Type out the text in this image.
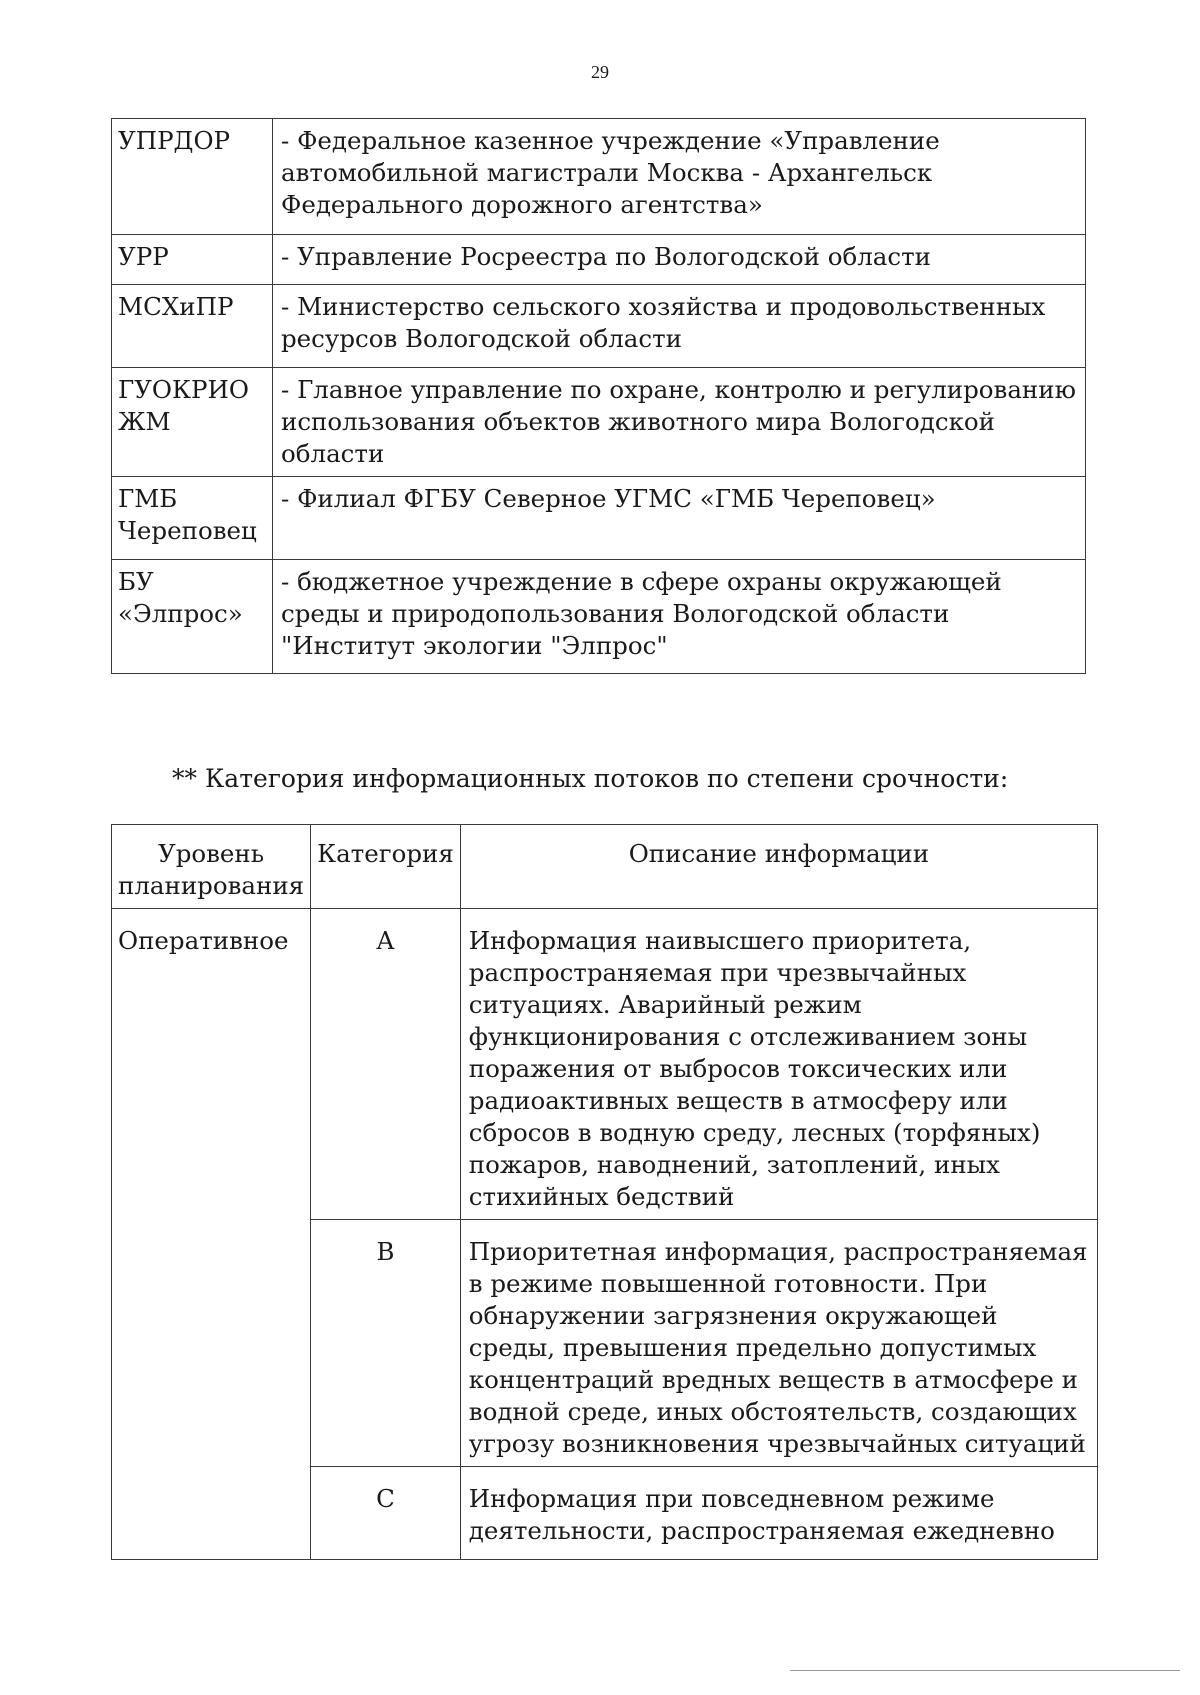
29
УПРДОР	- Федеральное казенное учреждение «Управление автомобильной магистрали Москва - Архангельск Федерального дорожного агентства»
УРР	- Управление Росреестра по Вологодской области
МСХиПР	- Министерство сельского хозяйства и продовольственных ресурсов Вологодской области
ГУОКРИО ЖМ	- Главное управление по охране, контролю и регулированию использования объектов животного мира Вологодской области
ГМБ Череповец	- Филиал ФГБУ Северное УГМС «ГМБ Череповец»
БУ «Элпрос»	- бюджетное учреждение в сфере охраны окружающей среды и природопользования Вологодской области "Институт экологии "Элпрос"
** Категория информационных потоков по степени срочности:
Уровень планирования	Категория	Описание информации
Оперативное	А	Информация наивысшего приоритета, распространяемая при чрезвычайных ситуациях. Аварийный режим функционирования с отслеживанием зоны поражения от выбросов токсических или радиоактивных веществ в атмосферу или сбросов в водную среду, лесных (торфяных) пожаров, наводнений, затоплений, иных стихийных бедствий
	В	Приоритетная информация, распространяемая в режиме повышенной готовности. При обнаружении загрязнения окружающей среды, превышения предельно допустимых концентраций вредных веществ в атмосфере и водной среде, иных обстоятельств, создающих угрозу возникновения чрезвычайных ситуаций
	С	Информация при повседневном режиме деятельности, распространяемая ежедневно
